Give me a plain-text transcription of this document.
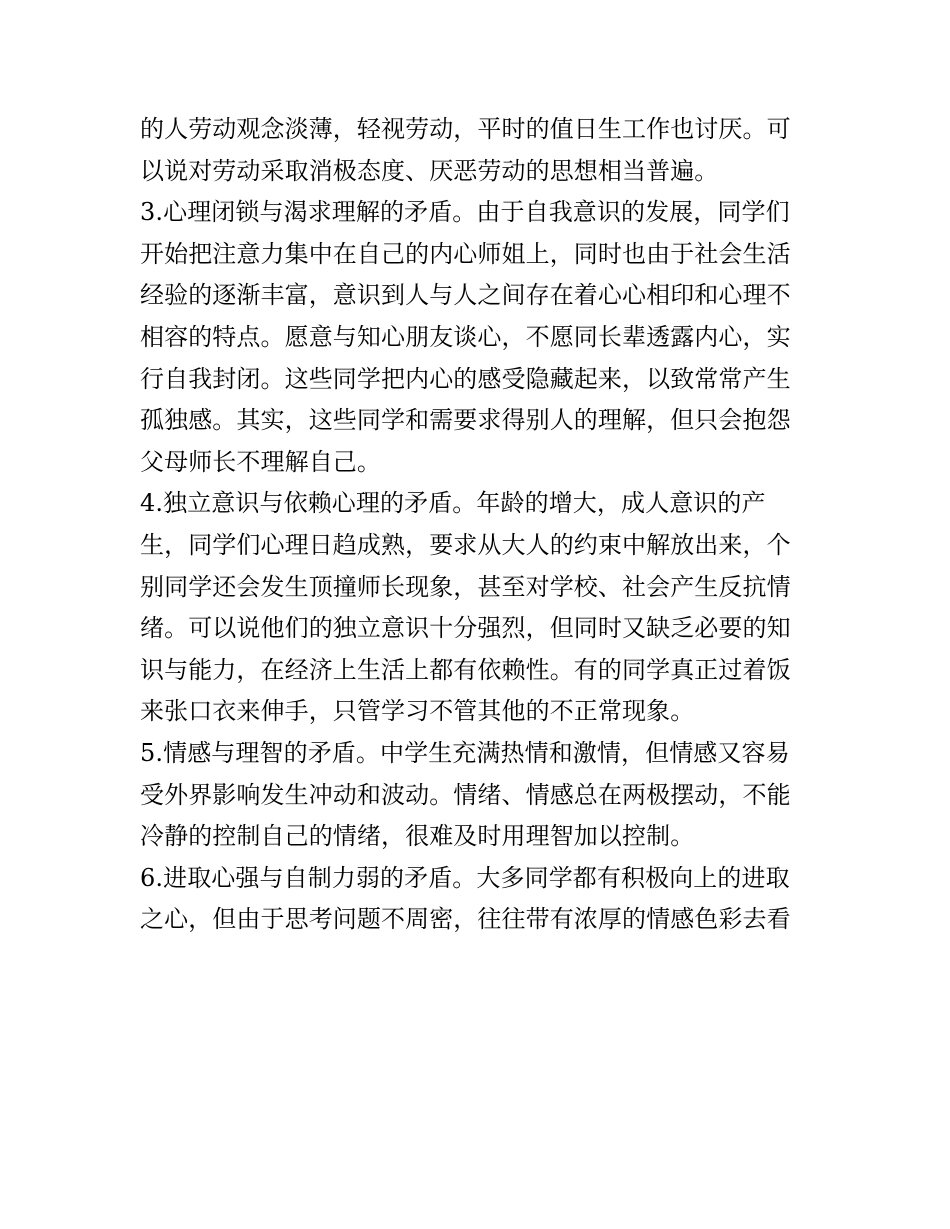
的人劳动观念淡薄，轻视劳动，平时的值日生工作也讨厌。可
以说对劳动采取消极态度、厌恶劳动的思想相当普遍。
3.心理闭锁与渴求理解的矛盾。由于自我意识的发展，同学们
开始把注意力集中在自己的内心师姐上，同时也由于社会生活
经验的逐渐丰富，意识到人与人之间存在着心心相印和心理不
相容的特点。愿意与知心朋友谈心，不愿同长辈透露内心，实
行自我封闭。这些同学把内心的感受隐藏起来，以致常常产生
孤独感。其实，这些同学和需要求得别人的理解，但只会抱怨
父母师长不理解自己。
4.独立意识与依赖心理的矛盾。年龄的增大，成人意识的产
生，同学们心理日趋成熟，要求从大人的约束中解放出来，个
别同学还会发生顶撞师长现象，甚至对学校、社会产生反抗情
绪。可以说他们的独立意识十分强烈，但同时又缺乏必要的知
识与能力，在经济上生活上都有依赖性。有的同学真正过着饭
来张口衣来伸手，只管学习不管其他的不正常现象。
5.情感与理智的矛盾。中学生充满热情和激情，但情感又容易
受外界影响发生冲动和波动。情绪、情感总在两极摆动，不能
冷静的控制自己的情绪，很难及时用理智加以控制。
6.进取心强与自制力弱的矛盾。大多同学都有积极向上的进取
之心，但由于思考问题不周密，往往带有浓厚的情感色彩去看
